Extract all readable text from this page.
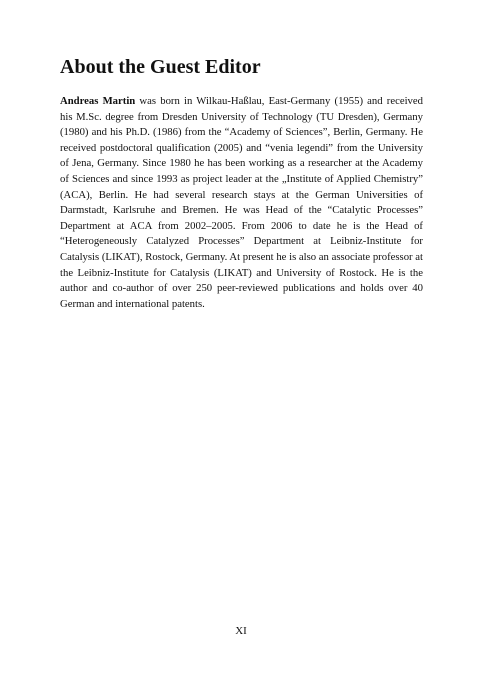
About the Guest Editor

Andreas Martin was born in Wilkau-Haßlau, East-Germany (1955) and received his M.Sc. degree from Dresden University of Technology (TU Dresden), Germany (1980) and his Ph.D. (1986) from the “Academy of Sciences”, Berlin, Germany. He received postdoctoral qualification (2005) and “venia legendi” from the University of Jena, Germany. Since 1980 he has been working as a researcher at the Academy of Sciences and since 1993 as project leader at the „Institute of Applied Chemistry” (ACA), Berlin. He had several research stays at the German Universities of Darmstadt, Karlsruhe and Bremen. He was Head of the “Catalytic Processes” Department at ACA from 2002–2005. From 2006 to date he is the Head of “Heterogeneously Catalyzed Processes” Department at Leibniz-Institute for Catalysis (LIKAT), Rostock, Germany. At present he is also an associate professor at the Leibniz-Institute for Catalysis (LIKAT) and University of Rostock. He is the author and co-author of over 250 peer-reviewed publications and holds over 40 German and international patents.

XI
